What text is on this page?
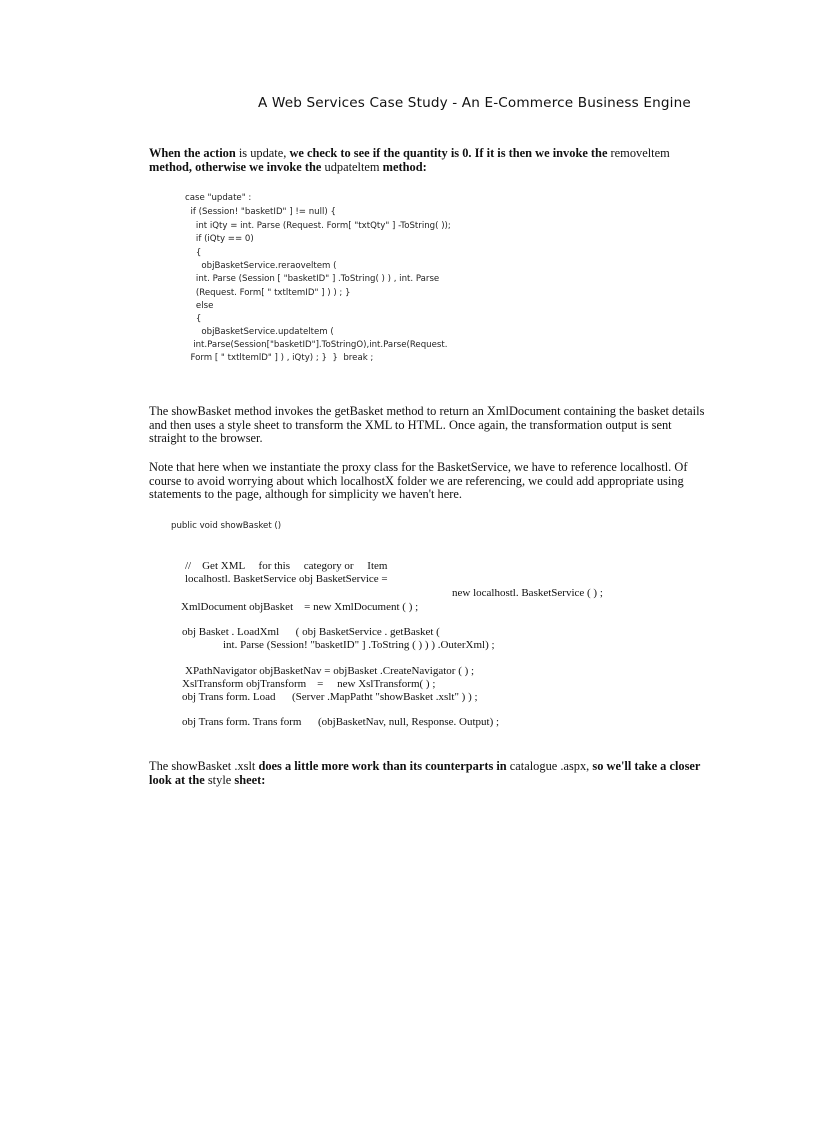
A Web Services Case Study - An E-Commerce Business Engine
When the action is update, we check to see if the quantity is 0. If it is then we invoke the removeltem method, otherwise we invoke the udpateltem method:
case "update" :
if (Session! "basketID" ] != null) {
int iQty = int. Parse (Request. Form[ "txtQty" ] -ToString( ));
if (iQty == 0)
{
objBasketService.reraoveltem (
int. Parse (Session [ "basketID" ] .ToString( ) ) , int. Parse
(Request. Form[ " txtltemID" ] ) ) ; }
else
{
objBasketService.updateltem (
int.Parse(Session["basketID"].ToStringO),int.Parse(Request.
Form [ " txtltemlD" ] ) , iQty) ; }  }  break ;
The showBasket method invokes the getBasket method to return an XmlDocument containing the basket details and then uses a style sheet to transform the XML to HTML. Once again, the transformation output is sent straight to the browser.
Note that here when we instantiate the proxy class for the BasketService, we have to reference localhostl. Of course to avoid worrying about which localhostX folder we are referencing, we could add appropriate using statements to the page, although for simplicity we haven't here.
public void showBasket ()
//    Get XML     for this     category or     Item
localhostl. BasketService obj BasketService =
new localhostl. BasketService ( ) ;
XmlDocument objBasket    = new XmlDocument ( ) ;
obj Basket . LoadXml      ( obj BasketService . getBasket (
int. Parse (Session! "basketID" ] .ToString ( ) ) ) .OuterXml) ;
XPathNavigator objBasketNav = objBasket .CreateNavigator ( ) ;
XslTransform objTransform    =     new XslTransform( ) ;
obj Trans form. Load      (Server .MapPatht "showBasket .xslt" ) ) ;
obj Trans form. Trans form      (objBasketNav, null, Response. Output) ;
The showBasket .xslt does a little more work than its counterparts in catalogue .aspx, so we'll take a closer look at the style sheet:
